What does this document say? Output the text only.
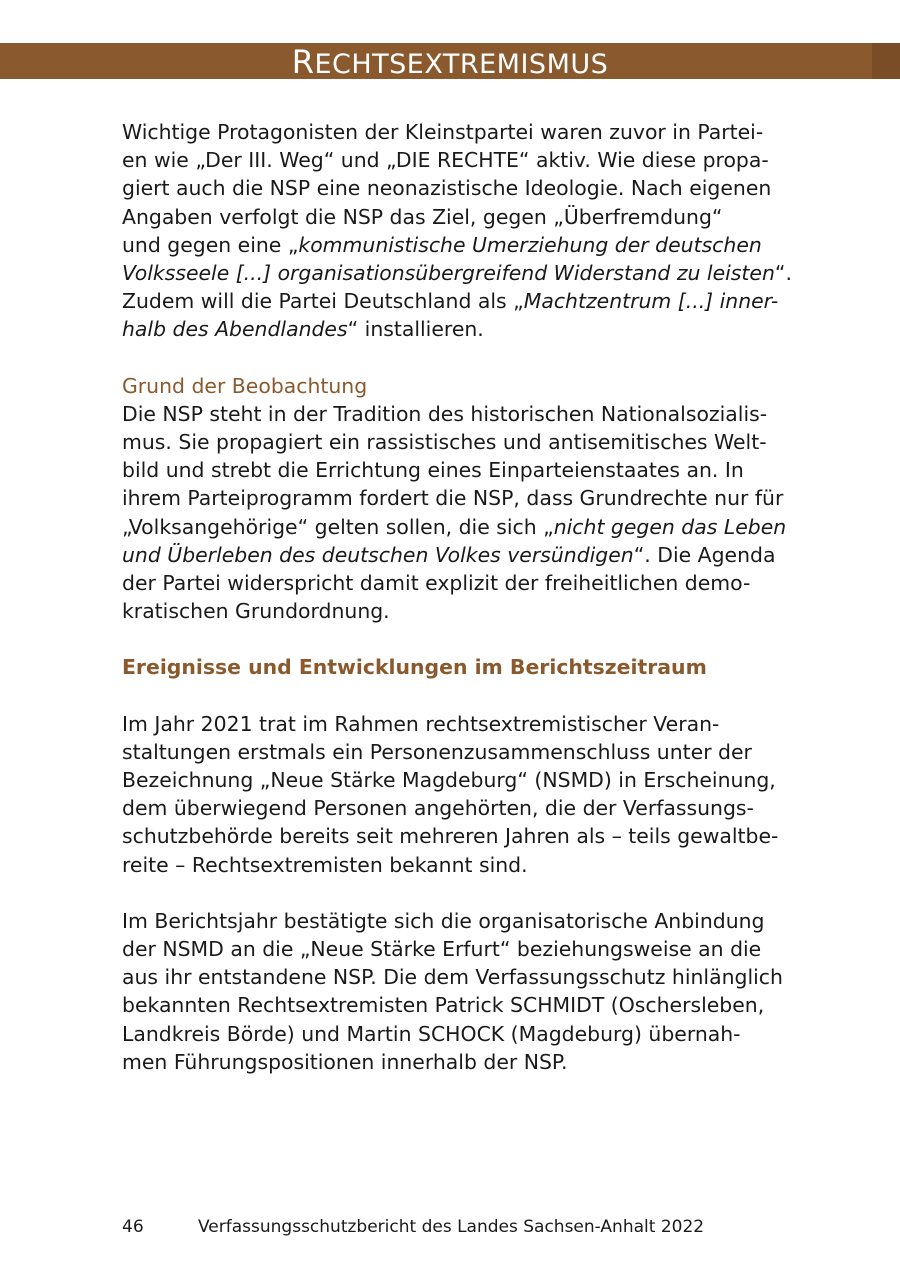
RECHTSEXTREMISMUS

Wichtige Protagonisten der Kleinstpartei waren zuvor in Partei-

en wie „Der III. Weg“ und „DIE RECHTE“ aktiv. Wie diese propa-

giert auch die NSP eine neonazistische Ideologie. Nach eigenen

Angaben verfolgt die NSP das Ziel, gegen „Überfremdung“

und gegen eine „kommunistische Umerziehung der deutschen

Volksseele [...] organisationsübergreifend Widerstand zu leisten“.

Zudem will die Partei Deutschland als „Machtzentrum [...] inner-

halb des Abendlandes“ installieren.

Grund der Beobachtung

Die NSP steht in der Tradition des historischen Nationalsozialis-

mus. Sie propagiert ein rassistisches und antisemitisches Welt-

bild und strebt die Errichtung eines Einparteienstaates an. In

ihrem Parteiprogramm fordert die NSP, dass Grundrechte nur für

„Volksangehörige“ gelten sollen, die sich „nicht gegen das Leben

und Überleben des deutschen Volkes versündigen“. Die Agenda

der Partei widerspricht damit explizit der freiheitlichen demo-

kratischen Grundordnung.

Ereignisse und Entwicklungen im Berichtszeitraum

Im Jahr 2021 trat im Rahmen rechtsextremistischer Veran-

staltungen erstmals ein Personenzusammenschluss unter der

Bezeichnung „Neue Stärke Magdeburg“ (NSMD) in Erscheinung,

dem überwiegend Personen angehörten, die der Verfassungs-

schutzbehörde bereits seit mehreren Jahren als – teils gewaltbe-

reite – Rechtsextremisten bekannt sind.

Im Berichtsjahr bestätigte sich die organisatorische Anbindung

der NSMD an die „Neue Stärke Erfurt“ beziehungsweise an die

aus ihr entstandene NSP. Die dem Verfassungsschutz hinlänglich

bekannten Rechtsextremisten Patrick SCHMIDT (Oschersleben,

Landkreis Börde) und Martin SCHOCK (Magdeburg) übernah-

men Führungspositionen innerhalb der NSP.

46	Verfassungsschutzbericht des Landes Sachsen-Anhalt 2022
